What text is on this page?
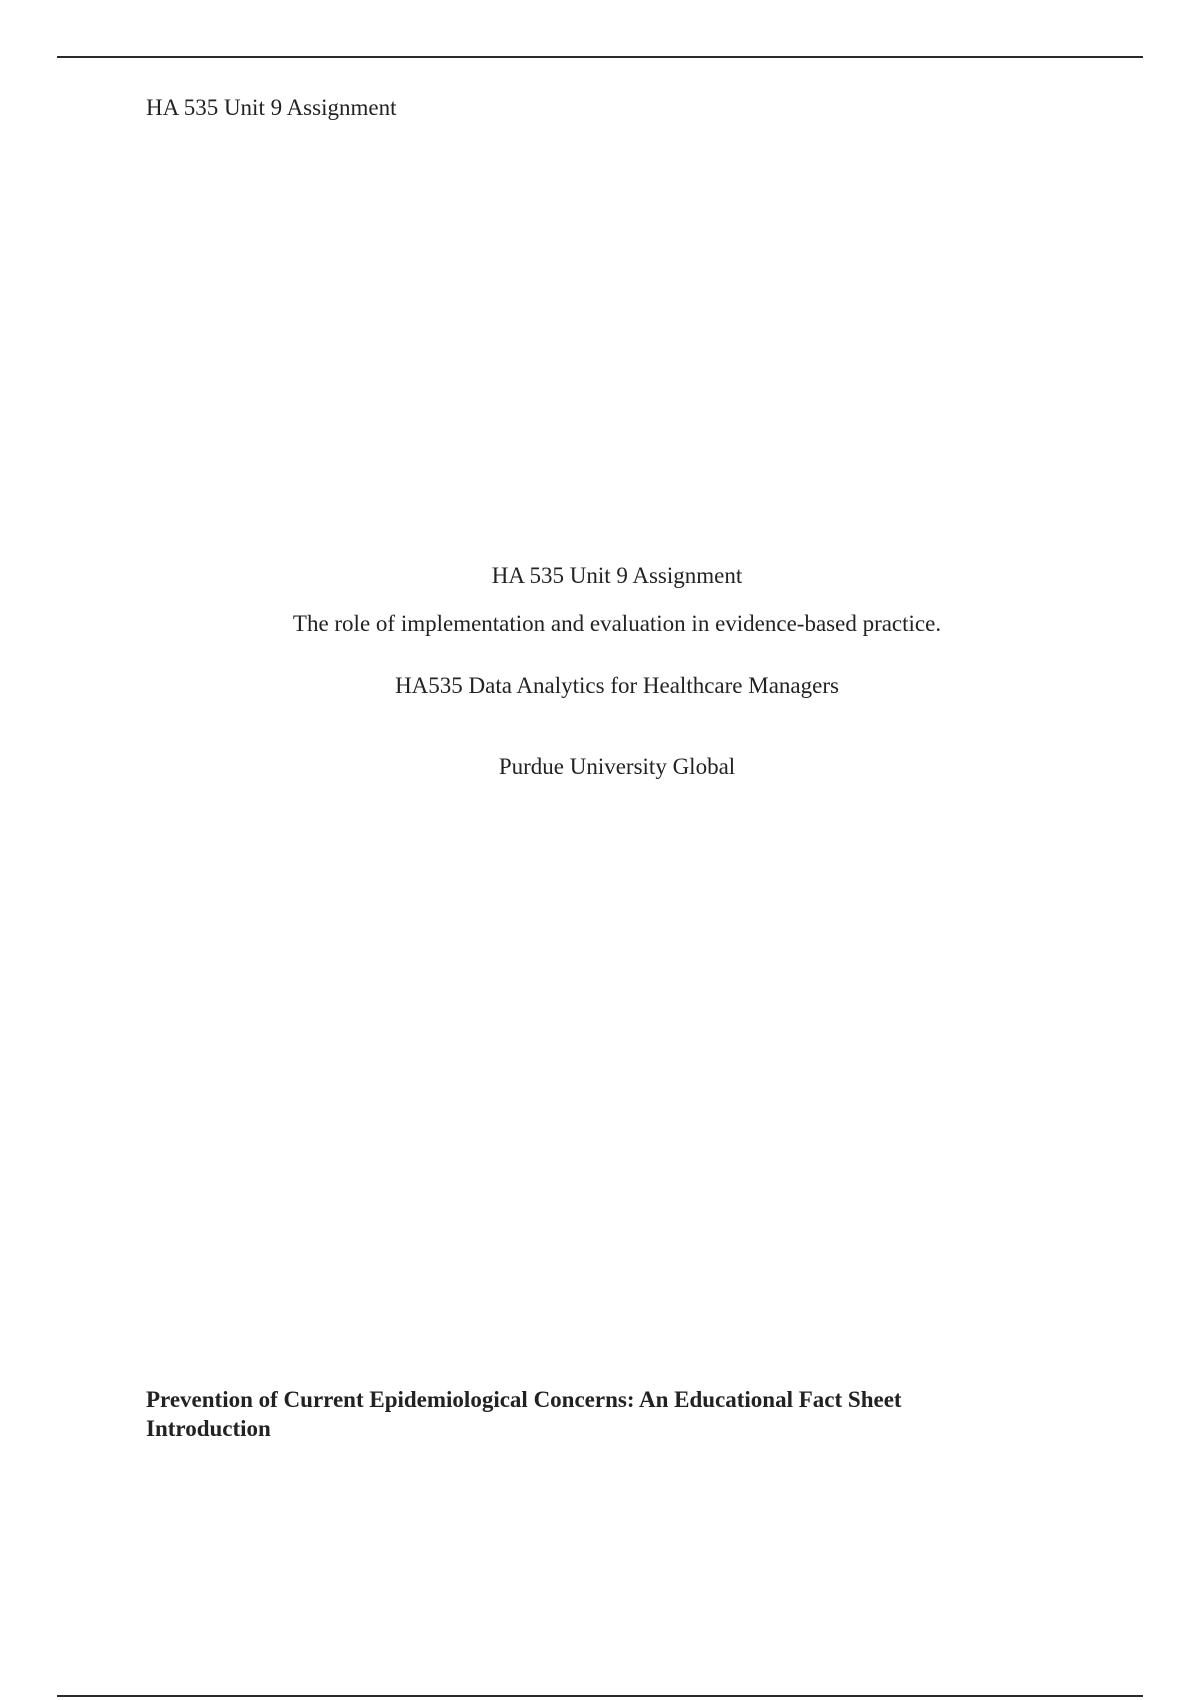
HA 535 Unit 9 Assignment
HA 535 Unit 9 Assignment
The role of implementation and evaluation in evidence-based practice.
HA535 Data Analytics for Healthcare Managers
Purdue University Global
Prevention of Current Epidemiological Concerns: An Educational Fact Sheet
Introduction
